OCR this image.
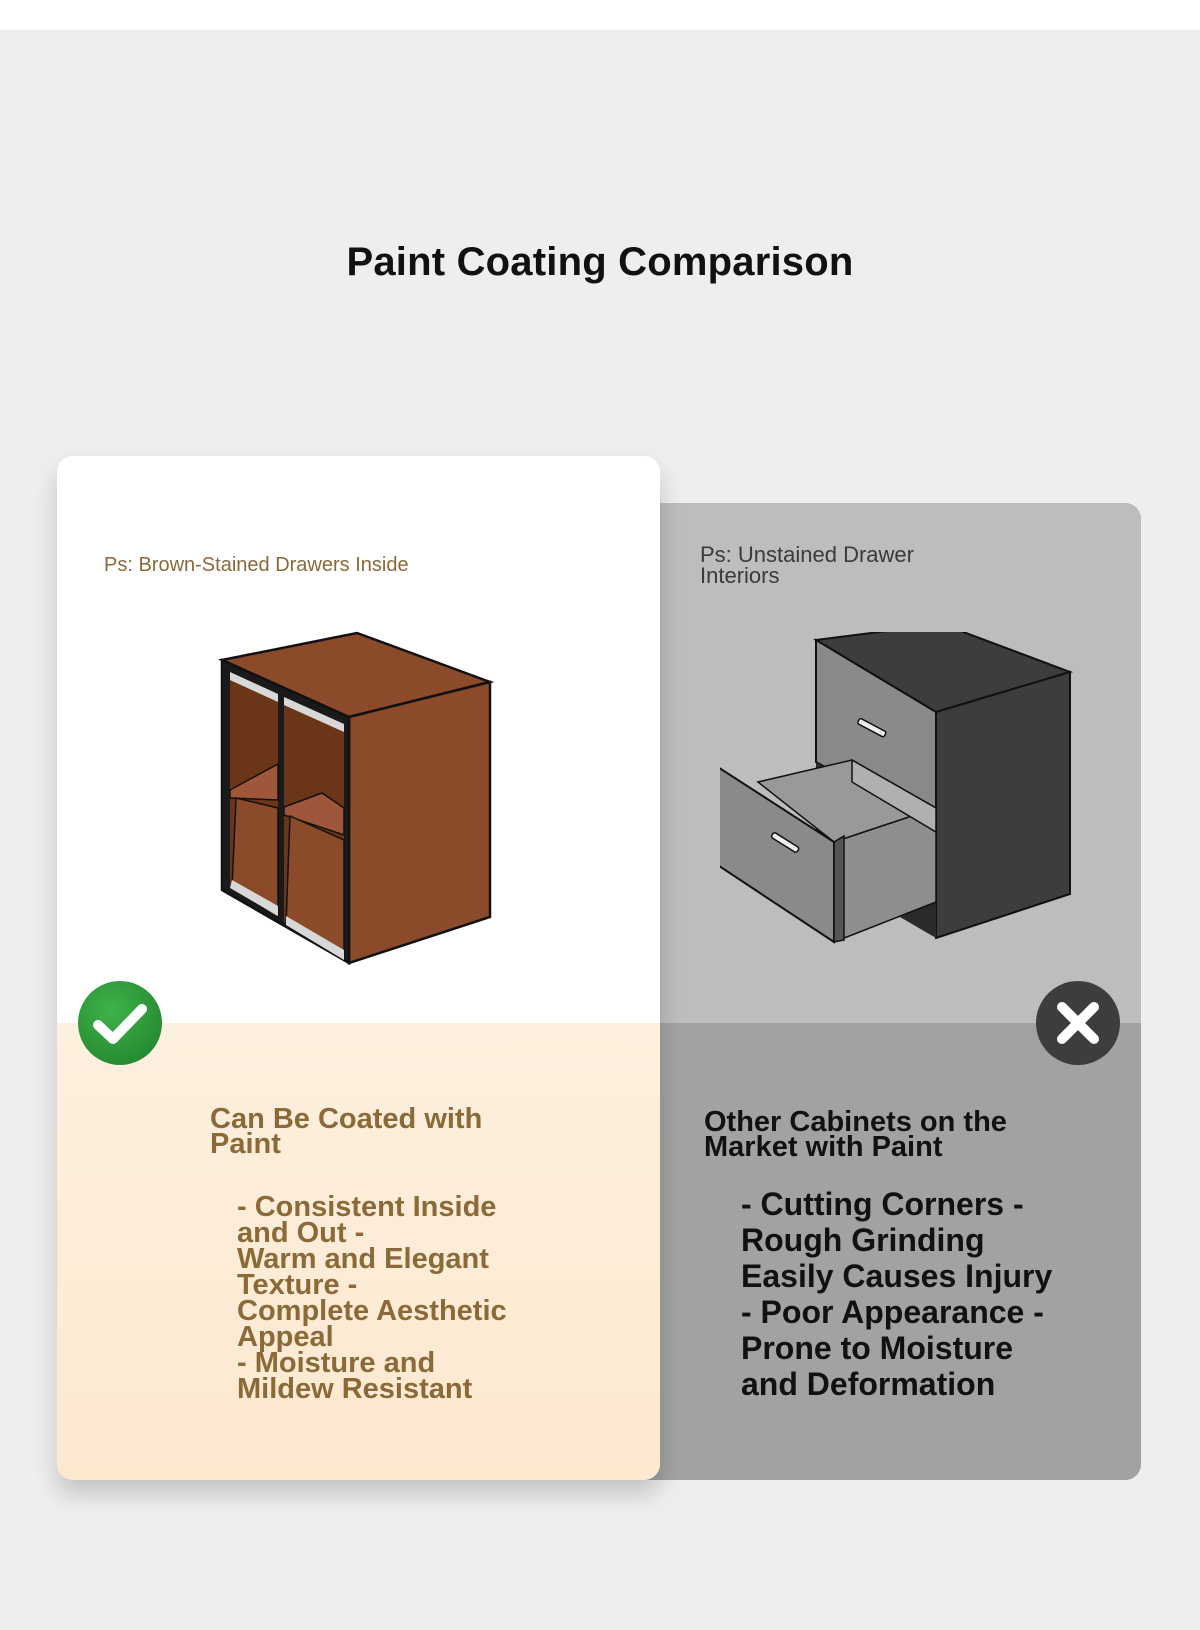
Paint Coating Comparison
Ps: Brown-Stained Drawers Inside	Ps: Unstained Drawer Interiors
Can Be Coated with Paint
- Consistent Inside and Out -
Warm and Elegant Texture -
Complete Aesthetic Appeal
- Moisture and Mildew Resistant
Other Cabinets on the Market with Paint
- Cutting Corners -
Rough Grinding
Easily Causes Injury
- Poor Appearance -
Prone to Moisture and Deformation
